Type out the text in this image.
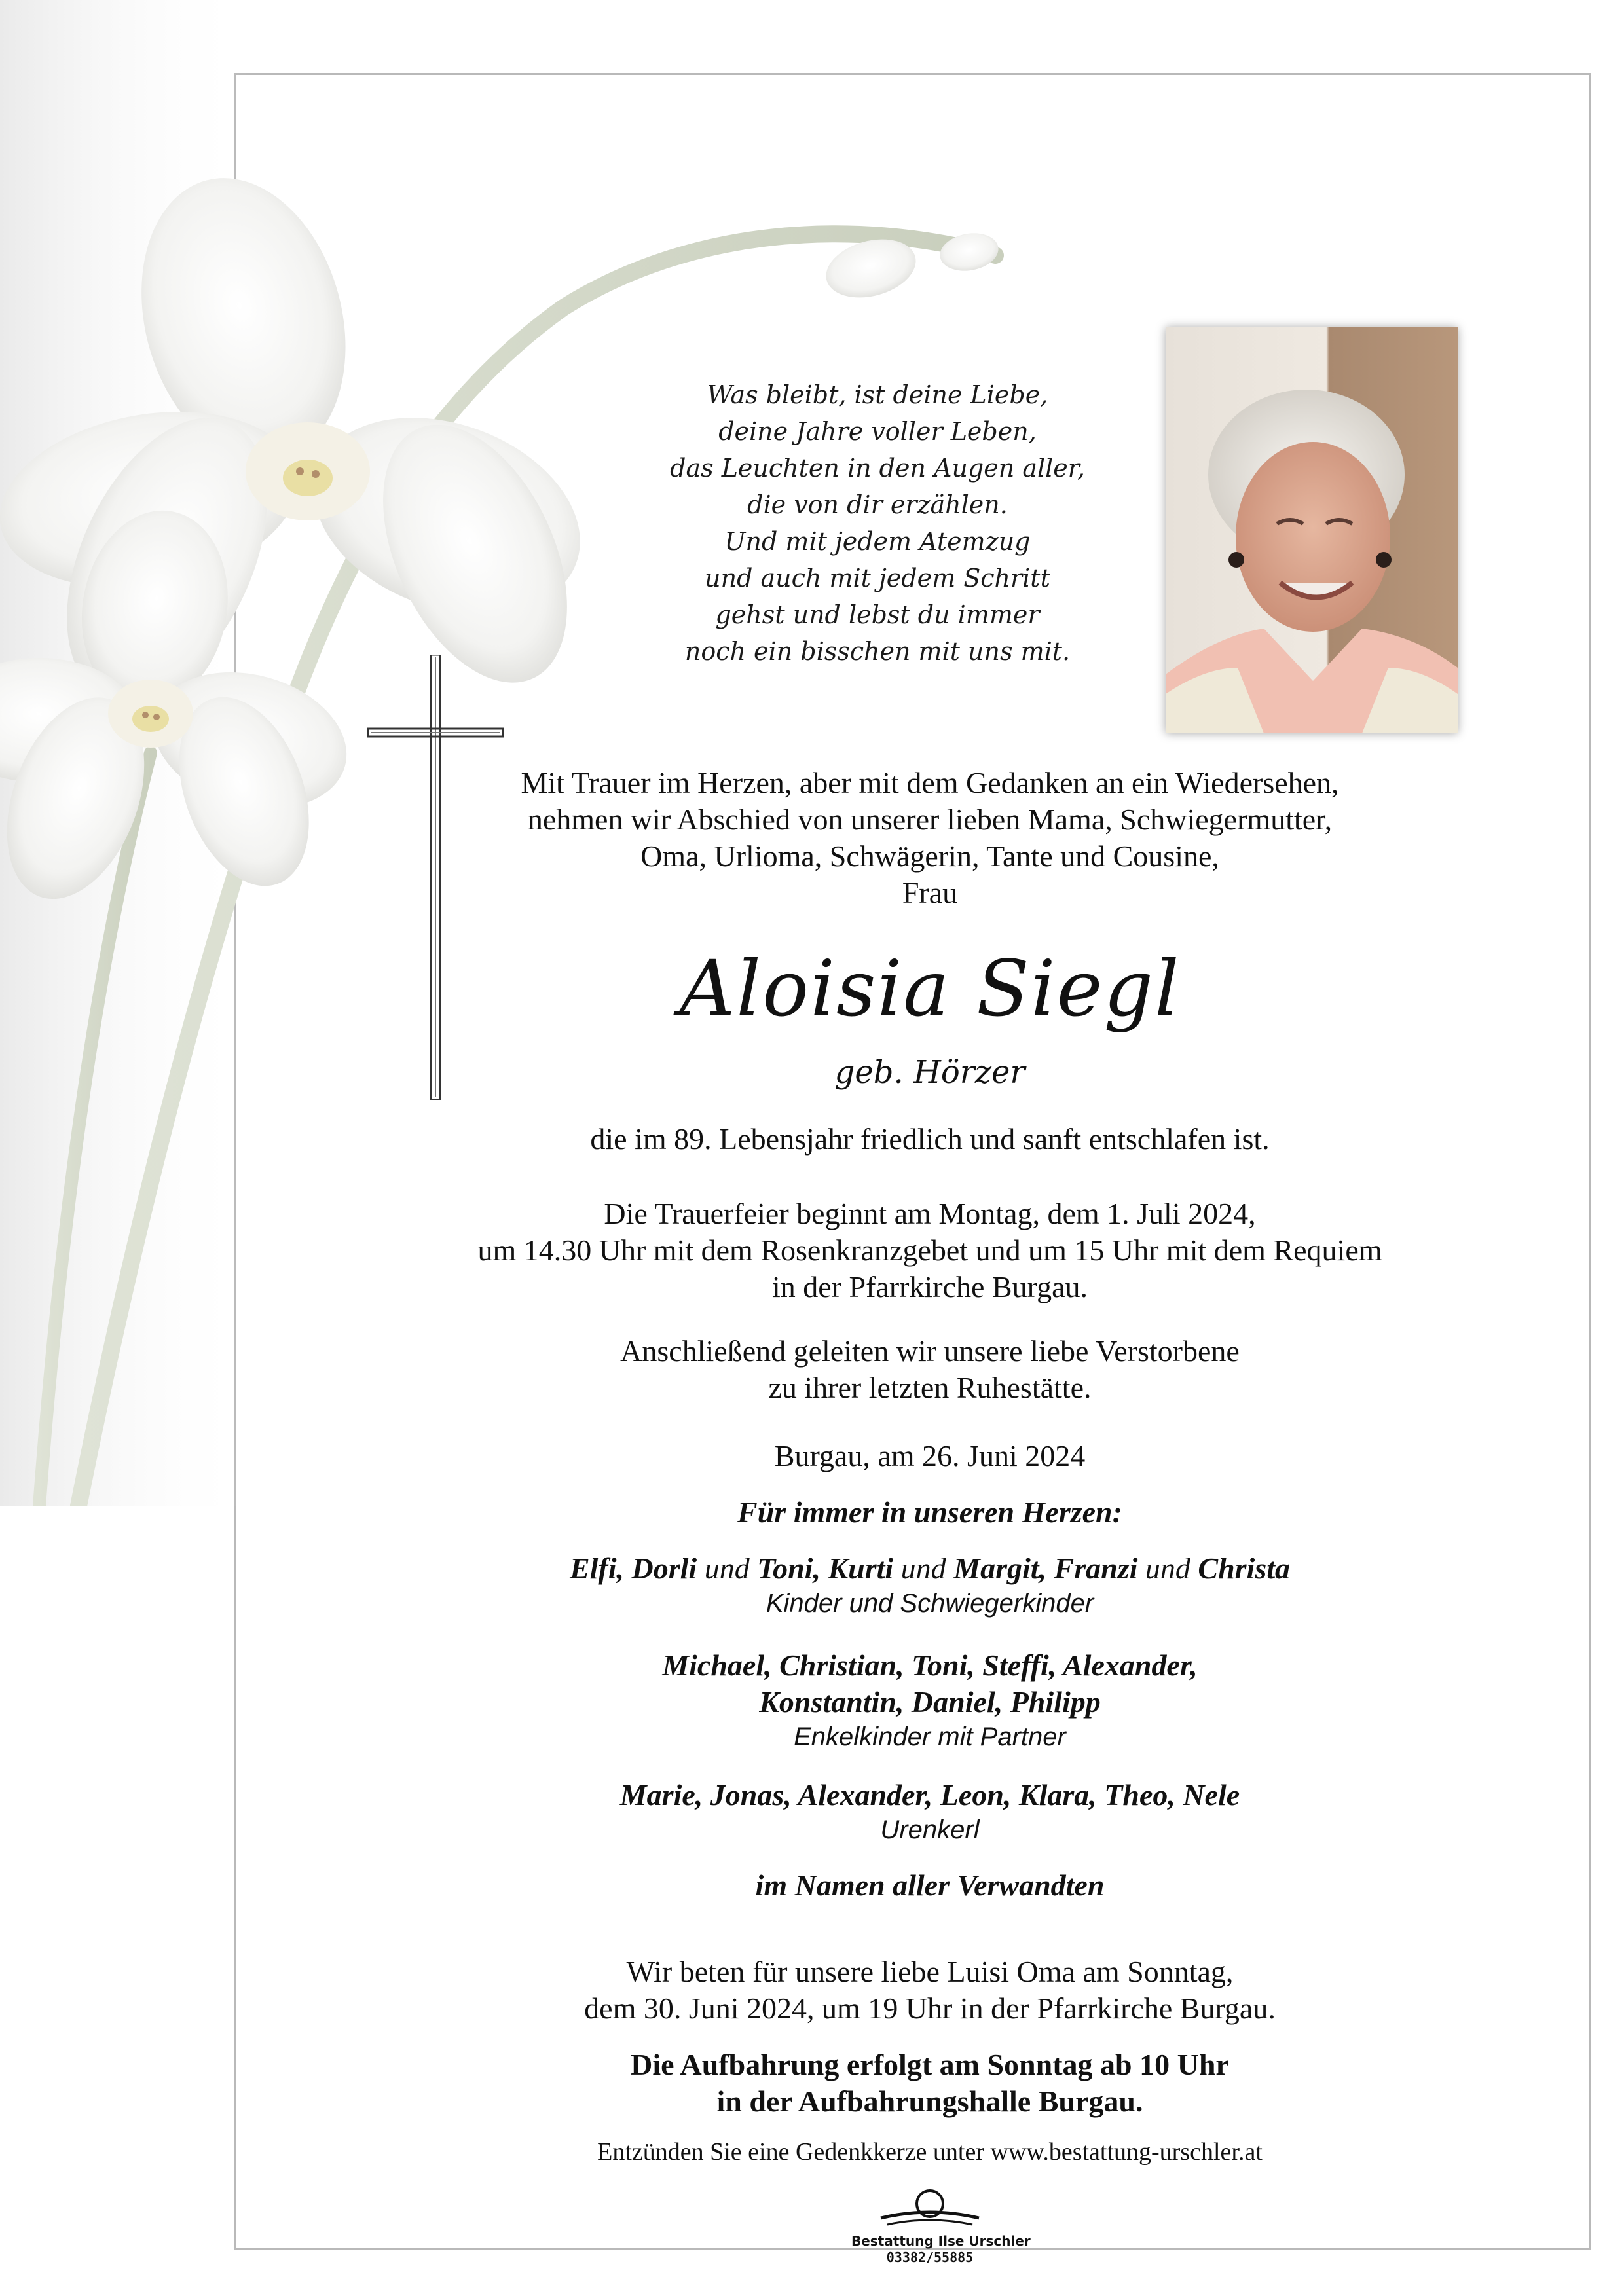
Was bleibt, ist deine Liebe,
deine Jahre voller Leben,
das Leuchten in den Augen aller,
die von dir erzählen.
Und mit jedem Atemzug
und auch mit jedem Schritt
gehst und lebst du immer
noch ein bisschen mit uns mit.
Mit Trauer im Herzen, aber mit dem Gedanken an ein Wiedersehen,
nehmen wir Abschied von unserer lieben Mama, Schwiegermutter,
Oma, Urlioma, Schwägerin, Tante und Cousine,
Frau
Aloisia Siegl
geb. Hörzer
die im 89. Lebensjahr friedlich und sanft entschlafen ist.
Die Trauerfeier beginnt am Montag, dem 1. Juli 2024,
um 14.30 Uhr mit dem Rosenkranzgebet und um 15 Uhr mit dem Requiem
in der Pfarrkirche Burgau.
Anschließend geleiten wir unsere liebe Verstorbene
zu ihrer letzten Ruhestätte.
Burgau, am 26. Juni 2024
Für immer in unseren Herzen:
Elfi, Dorli und Toni, Kurti und Margit, Franzi und Christa
Kinder und Schwiegerkinder
Michael, Christian, Toni, Steffi, Alexander,
Konstantin, Daniel, Philipp
Enkelkinder mit Partner
Marie, Jonas, Alexander, Leon, Klara, Theo, Nele
Urenkerl
im Namen aller Verwandten
Wir beten für unsere liebe Luisi Oma am Sonntag,
dem 30. Juni 2024, um 19 Uhr in der Pfarrkirche Burgau.
Die Aufbahrung erfolgt am Sonntag ab 10 Uhr
in der Aufbahrungshalle Burgau.
Entzünden Sie eine Gedenkkerze unter www.bestattung-urschler.at
Bestattung Ilse Urschler
03382/55885
